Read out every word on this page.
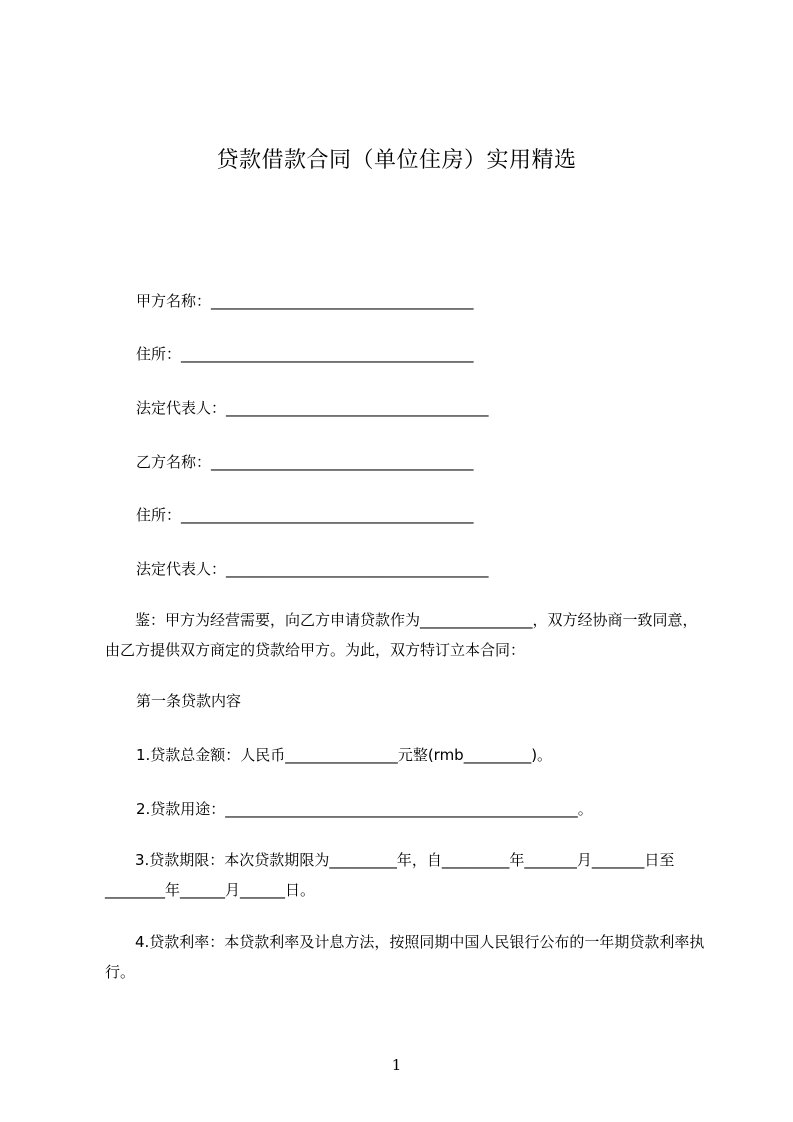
贷款借款合同（单位住房）实用精选
甲方名称：___________________________________
住所：_______________________________________
法定代表人：___________________________________
乙方名称：___________________________________
住所：_______________________________________
法定代表人：___________________________________
鉴：甲方为经营需要，向乙方申请贷款作为_______________，双方经协商一致同意，由乙方提供双方商定的贷款给甲方。为此，双方特订立本合同：
第一条贷款内容
1.贷款总金额：人民币_______________元整(rmb_________)。
2.贷款用途：_______________________________________________。
3.贷款期限：本次贷款期限为_________年，自_________年_______月_______日至________年______月______日。
4.贷款利率：本贷款利率及计息方法，按照同期中国人民银行公布的一年期贷款利率执行。
1
